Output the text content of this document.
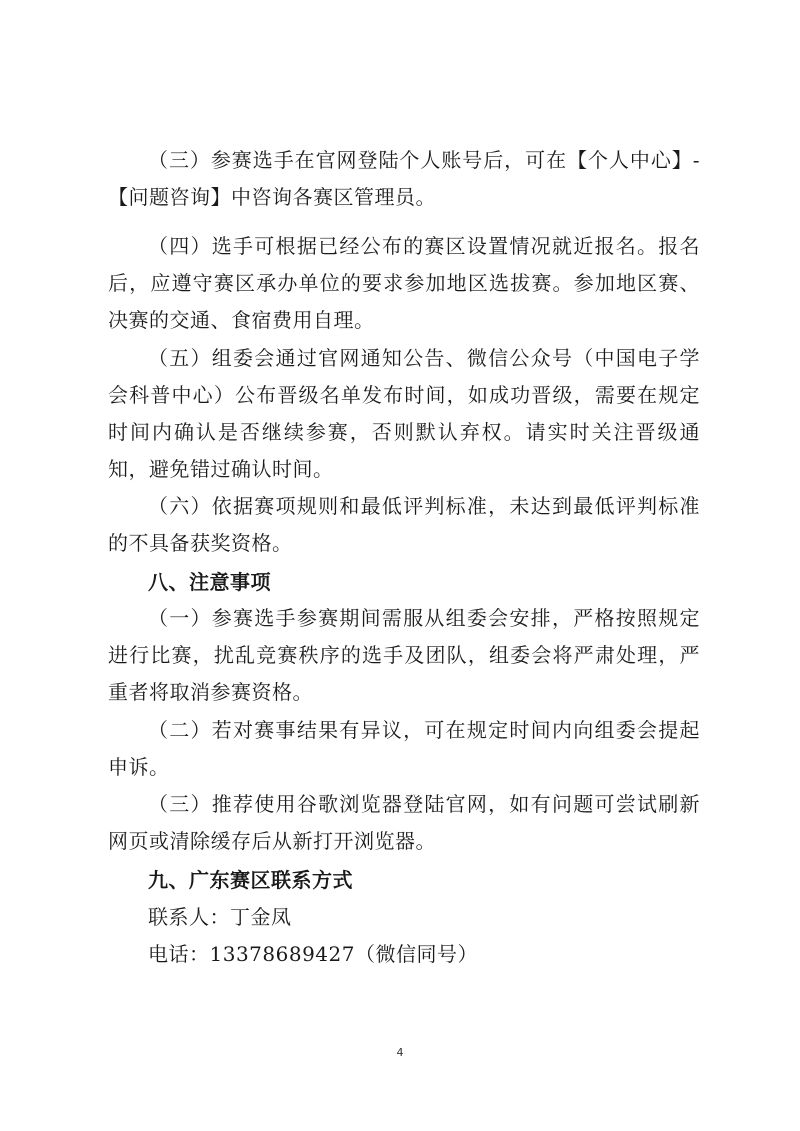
（三）参赛选手在官网登陆个人账号后，可在【个人中心】-【问题咨询】中咨询各赛区管理员。

（四）选手可根据已经公布的赛区设置情况就近报名。报名后，应遵守赛区承办单位的要求参加地区选拔赛。参加地区赛、决赛的交通、食宿费用自理。

（五）组委会通过官网通知公告、微信公众号（中国电子学会科普中心）公布晋级名单发布时间，如成功晋级，需要在规定时间内确认是否继续参赛，否则默认弃权。请实时关注晋级通知，避免错过确认时间。

（六）依据赛项规则和最低评判标准，未达到最低评判标准的不具备获奖资格。

八、注意事项

（一）参赛选手参赛期间需服从组委会安排，严格按照规定进行比赛，扰乱竞赛秩序的选手及团队，组委会将严肃处理，严重者将取消参赛资格。

（二）若对赛事结果有异议，可在规定时间内向组委会提起申诉。

（三）推荐使用谷歌浏览器登陆官网，如有问题可尝试刷新网页或清除缓存后从新打开浏览器。

九、广东赛区联系方式

联系人：丁金凤

电话：13378689427（微信同号）

4
